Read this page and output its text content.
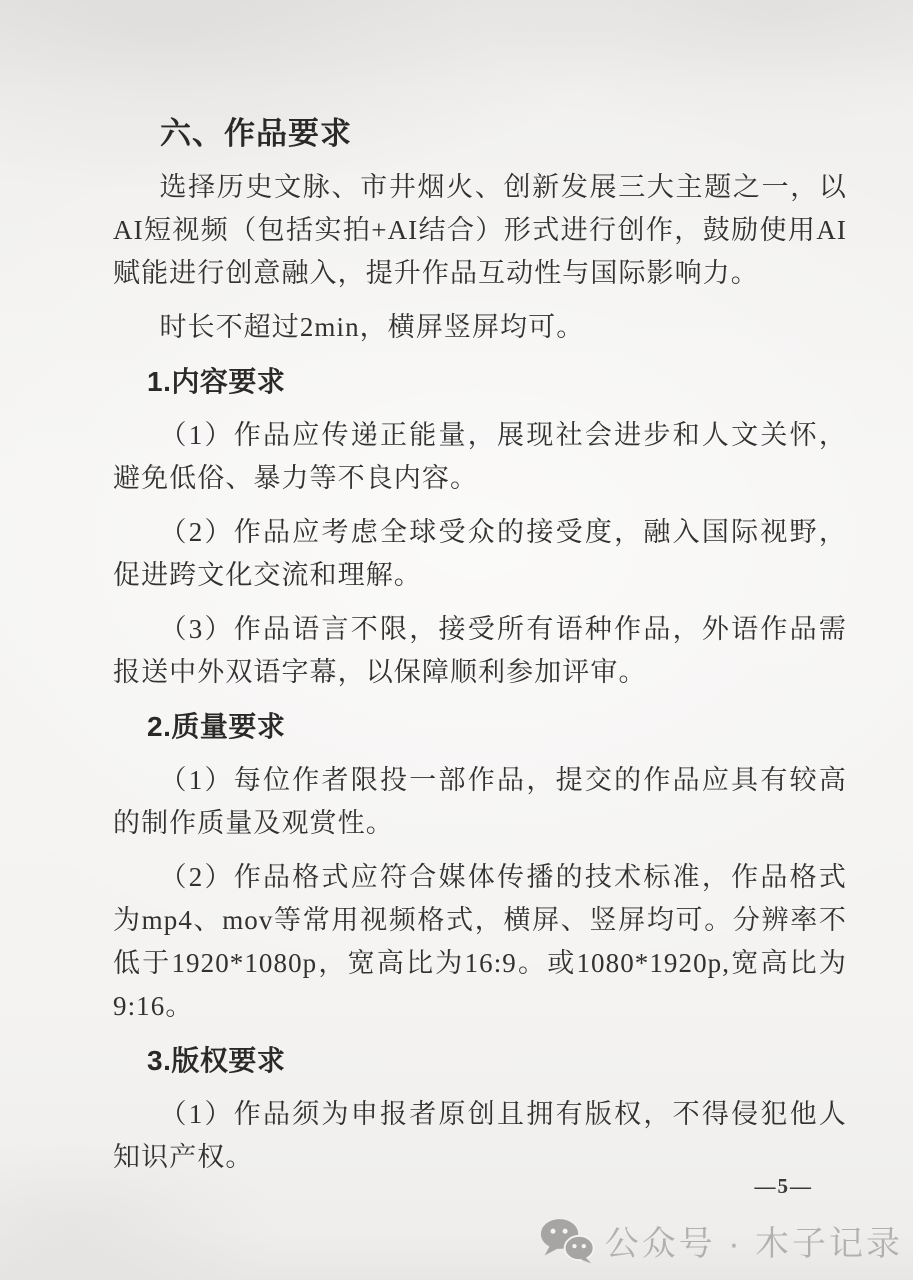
六、作品要求

选择历史文脉、市井烟火、创新发展三大主题之一，以AI短视频（包括实拍+AI结合）形式进行创作，鼓励使用AI赋能进行创意融入，提升作品互动性与国际影响力。

时长不超过2min，横屏竖屏均可。

1.内容要求

（1）作品应传递正能量，展现社会进步和人文关怀，避免低俗、暴力等不良内容。

（2）作品应考虑全球受众的接受度，融入国际视野，促进跨文化交流和理解。

（3）作品语言不限，接受所有语种作品，外语作品需报送中外双语字幕，以保障顺利参加评审。

2.质量要求

（1）每位作者限投一部作品，提交的作品应具有较高的制作质量及观赏性。

（2）作品格式应符合媒体传播的技术标准，作品格式为mp4、mov等常用视频格式，横屏、竖屏均可。分辨率不低于1920*1080p，宽高比为16:9。或1080*1920p,宽高比为9:16。

3.版权要求

（1）作品须为申报者原创且拥有版权，不得侵犯他人知识产权。

—5—
公众号 · 木子记录
